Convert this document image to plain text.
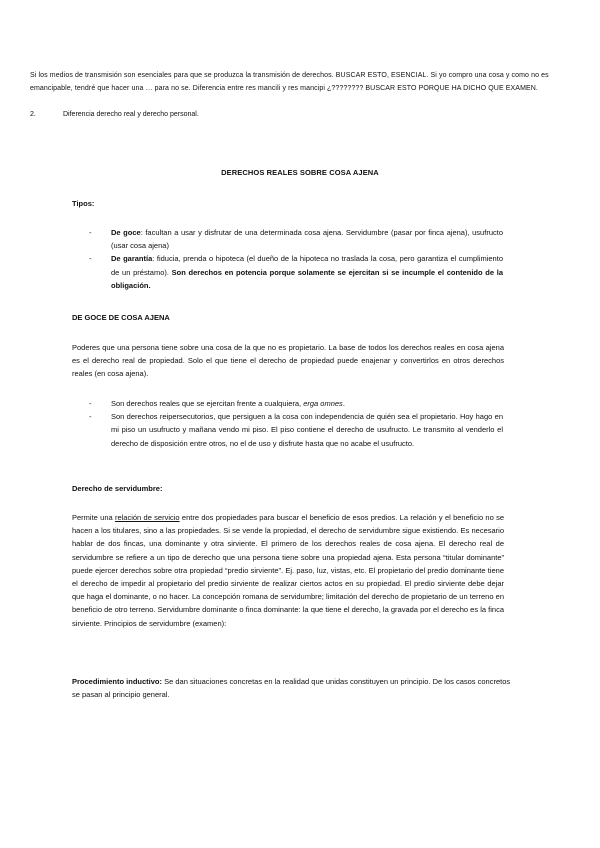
Si los medios de transmisión son esenciales para que se produzca la transmisión de derechos. BUSCAR ESTO, ESENCIAL. Si yo compro una cosa y como no es emancipable, tendré que hacer una … para no se. Diferencia entre res mancili y res mancipi ¿???????? BUSCAR ESTO PORQUE HA DICHO QUE EXAMEN.
2.	Diferencia derecho real y derecho personal.
DERECHOS REALES SOBRE COSA AJENA
Tipos:
-	De goce: facultan a usar y disfrutar de una determinada cosa ajena. Servidumbre (pasar por finca ajena), usufructo (usar cosa ajena)
-	De garantía: fiducia, prenda o hipoteca (el dueño de la hipoteca no traslada la cosa, pero garantiza el cumplimiento de un préstamo). Son derechos en potencia porque solamente se ejercitan si se incumple el contenido de la obligación.
DE GOCE DE COSA AJENA
Poderes que una persona tiene sobre una cosa de la que no es propietario. La base de todos los derechos reales en cosa ajena es el derecho real de propiedad. Solo el que tiene el derecho de propiedad puede enajenar y convertirlos en otros derechos reales (en cosa ajena).
-	Son derechos reales que se ejercitan frente a cualquiera, erga omnes.
-	Son derechos reipersecutorios, que persiguen a la cosa con independencia de quién sea el propietario. Hoy hago en mi piso un usufructo y mañana vendo mi piso. El piso contiene el derecho de usufructo. Le transmito al venderlo el derecho de disposición entre otros, no el de uso y disfrute hasta que no acabe el usufructo.
Derecho de servidumbre:
Permite una relación de servicio entre dos propiedades para buscar el beneficio de esos predios. La relación y el beneficio no se hacen a los titulares, sino a las propiedades. Si se vende la propiedad, el derecho de servidumbre sigue existiendo. Es necesario hablar de dos fincas, una dominante y otra sirviente. El primero de los derechos reales de cosa ajena. El derecho real de servidumbre se refiere a un tipo de derecho que una persona tiene sobre una propiedad ajena. Esta persona “titular dominante” puede ejercer derechos sobre otra propiedad “predio sirviente”. Ej. paso, luz, vistas, etc. El propietario del predio dominante tiene el derecho de impedir al propietario del predio sirviente de realizar ciertos actos en su propiedad. El predio sirviente debe dejar que haga el dominante, o no hacer. La concepción romana de servidumbre; limitación del derecho de propietario de un terreno en beneficio de otro terreno. Servidumbre dominante o finca dominante: la que tiene el derecho, la gravada por el derecho es la finca sirviente. Principios de servidumbre (examen):
Procedimiento inductivo: Se dan situaciones concretas en la realidad que unidas constituyen un principio. De los casos concretos se pasan al principio general.
